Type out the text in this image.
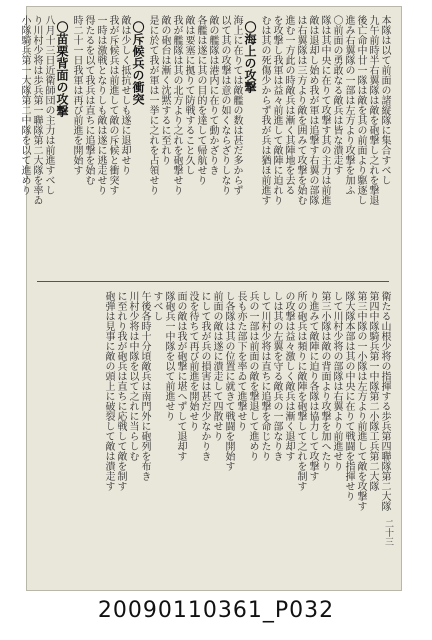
本隊は以て前面の諸縦隊に集合すべし
九午前時半右翼隊は敵を砲撃し之れを撃退
後亡命中廿一隊は敵を其の前面より駆逐し
進み右翼隊の一部は左方より攻撃を加ふ
〇前面の勇敢なる敵兵は皆な潰走す
隊は其中央に在りて攻撃す其の主力は前進
敵は退却し始め我が軍は追撃す右翼の部隊
は右翼隊は三方より敵を囲みて攻撃を始む
進む一方此の時敵兵は漸く其陣地を去る
を攻撃し我軍は益々前進して敵陣に迫れり
むは其の死傷少からず我が兵は猶ほ前進す
〇海上の攻撃
海上に在りては敵艦の数は甚だ多からず
以て其の攻撃は意の如くならざりしなり
敵の艦隊は港内に在りて動かざりき
各艦は遂に其の目的を達して帰航せり
敵は要塞に拠りて防戦すること久し
我が艦隊は其の北方より之れを砲撃せり
敵の砲台は漸く沈黙するに至れり
是に於て我が軍は一挙に之れを占領せり
〇斥候兵の衝突
敵は少しく抵抗せしも遂に退却せり
我が斥候兵は前進して敵の斥候と衝突す
一時は激戦となりしも敵は遂に逃走せり
得たるを以て我兵は直ちに追撃を始む
時二十一日我軍は再び前進を開始す
〇苗栗背面の攻撃
八月十三日近衛師団の主力は前進すべし
り川村少将は歩兵第一聯隊第二大隊を率ゐ
小隊騎兵第一大隊第二中隊を以て進めり
衛たる山根少将の指揮する歩兵第四聯隊第二大隊
第四中隊騎兵第一中隊第二小隊工兵第二大隊
第三中隊の一小隊は左方より前進して敵を攻撃す
隊大隊本部は其の中央に在りて戦闘を指揮せり
して川村少将の部隊は右翼より前進せり
第三小隊は敵の背面より攻撃を加へたり
り進みて敵陣に迫り各隊は協力して攻撃す
所の砲兵は頻りに敵陣を砲撃して之れを制す
の攻撃は益々激しく敵兵は漸く退却す
しは其の左翼を守る敵兵の一部なりき
して川村少将は直ちに追撃を命じたり
兵の一部は前面の敵を撃退して進めり
長も亦た部下を率ゐて進撃せり
し各隊は其の位置に就きて戦闘を開始す
前面の敵は遂に潰走して四散せり
にして我が兵の損害は甚だ少なかりき
没を待ちて再び前進を開始せり
面の敵は我が砲撃に堪へずして退却す
隊砲兵一中隊を以て前進せり
すべし
午後各時十分頃敵兵は南門外に砲列を布き
川村少将は中隊を以て之れに当らしむ
に至れり我が砲兵は直ちに応戦して敵を制す
砲弾は見事に敵の頭上に破裂して敵は潰走す
二十三
20090110361_P032
